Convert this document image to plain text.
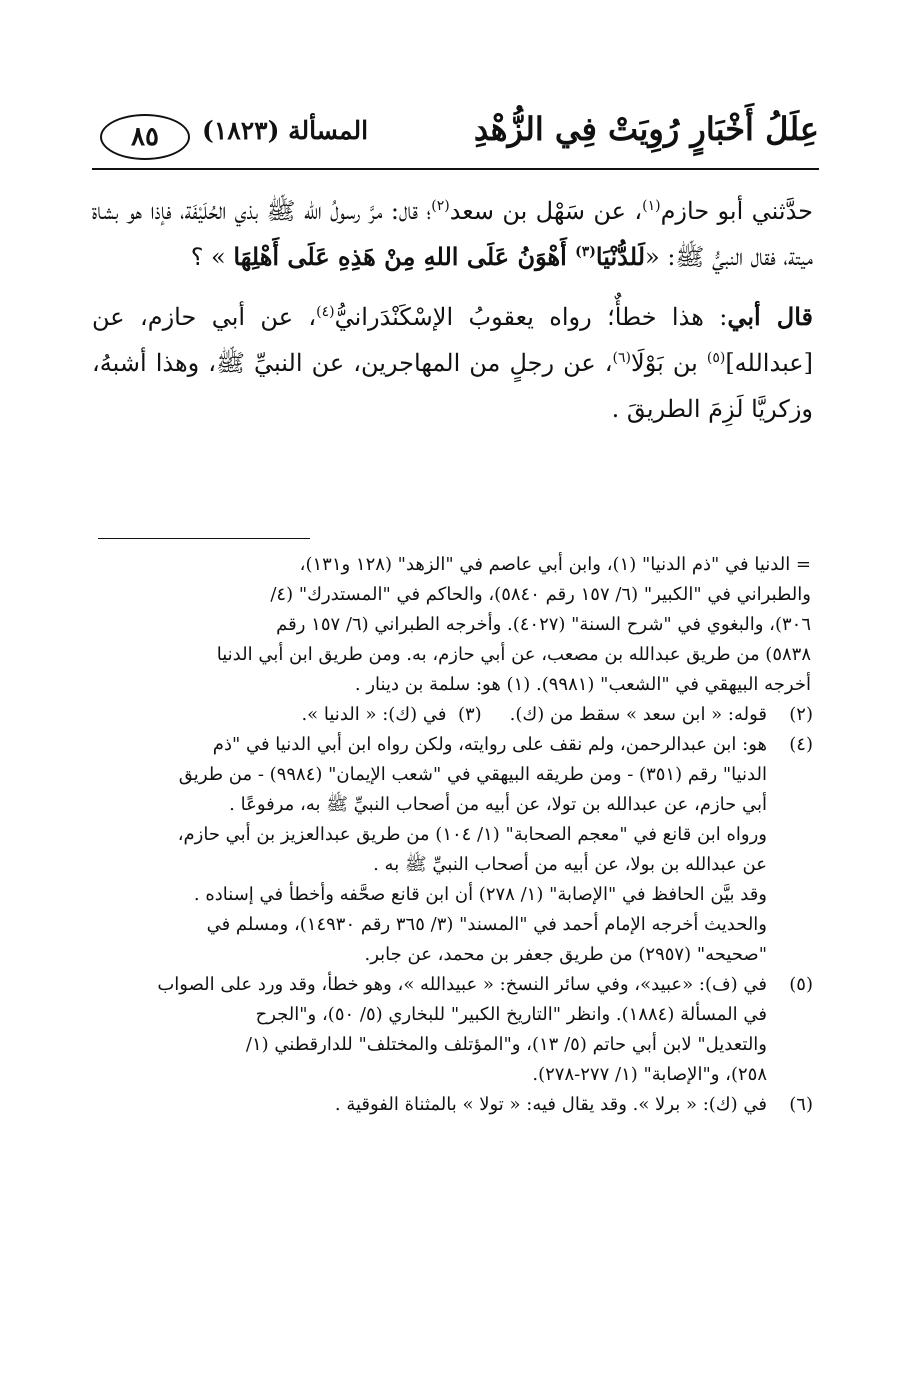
٨٥ المسألة (١٨٢٣)	عِلَلُ أَخْبَارٍ رُوِيَتْ فِي الزُّهْدِ

حدَّثني أبو حازم$^{(١)}$، عن سَهْل بن سعد$^{(٢)}$؛ قال: مرَّ رسولُ الله ﷺ بذي الحُلَيْفَة، فإذا هو بشاة ميتة، فقال النبيُّ ﷺ: «لَلدُّنْيَا$^{(٣)}$ أَهْوَنُ عَلَى اللهِ مِنْ هَذِهِ عَلَى أَهْلِهَا » ؟

قال أبي: هذا خطأٌ؛ رواه يعقوبُ الإسْكَنْدَرانيُّ$^{(٤)}$، عن أبي حازم، عن [عبدالله]$^{(٥)}$ بن بَوْلَا$^{(٦)}$، عن رجلٍ من المهاجرين، عن النبيِّ ﷺ، وهذا أشبهُ، وزكريَّا لَزِمَ الطريقَ .

= الدنيا في "ذم الدنيا" (١)، وابن أبي عاصم في "الزهد" (١٢٨ و١٣١)،
والطبراني في "الكبير" (٦/ ١٥٧ رقم ٥٨٤٠)، والحاكم في "المستدرك" (٤/
٣٠٦)، والبغوي في "شرح السنة" (٤٠٢٧). وأخرجه الطبراني (٦/ ١٥٧ رقم
٥٨٣٨) من طريق عبدالله بن مصعب، عن أبي حازم، به. ومن طريق ابن أبي الدنيا
أخرجه البيهقي في "الشعب" (٩٩٨١). (١) هو: سلمة بن دينار .
(٢)
قوله: « ابن سعد » سقط من (ك).(٣)  في (ك): « الدنيا ».
(٤)
هو: ابن عبدالرحمن، ولم نقف على روايته، ولكن رواه ابن أبي الدنيا في "ذم
الدنيا" رقم (٣٥١) - ومن طريقه البيهقي في "شعب الإيمان" (٩٩٨٤) - من طريق
أبي حازم، عن عبدالله بن تولا، عن أبيه من أصحاب النبيِّ ﷺ به، مرفوعًا .
ورواه ابن قانع في "معجم الصحابة" (١/ ١٠٤) من طريق عبدالعزيز بن أبي حازم،
عن عبدالله بن بولا، عن أبيه من أصحاب النبيِّ ﷺ به .
وقد بيَّن الحافظ في "الإصابة" (١/ ٢٧٨) أن ابن قانع صحَّفه وأخطأ في إسناده .
والحديث أخرجه الإمام أحمد في "المسند" (٣/ ٣٦٥ رقم ١٤٩٣٠)، ومسلم في
"صحيحه" (٢٩٥٧) من طريق جعفر بن محمد، عن جابر.
(٥)
في (ف): «عبيد»، وفي سائر النسخ: « عبيدالله »، وهو خطأ، وقد ورد على الصواب
في المسألة (١٨٨٤). وانظر "التاريخ الكبير" للبخاري (٥/ ٥٠)، و"الجرح
والتعديل" لابن أبي حاتم (٥/ ١٣)، و"المؤتلف والمختلف" للدارقطني (١/
٢٥٨)، و"الإصابة" (١/ ٢٧٧-٢٧٨).
(٦)
في (ك): « برلا ». وقد يقال فيه: « تولا » بالمثناة الفوقية .
